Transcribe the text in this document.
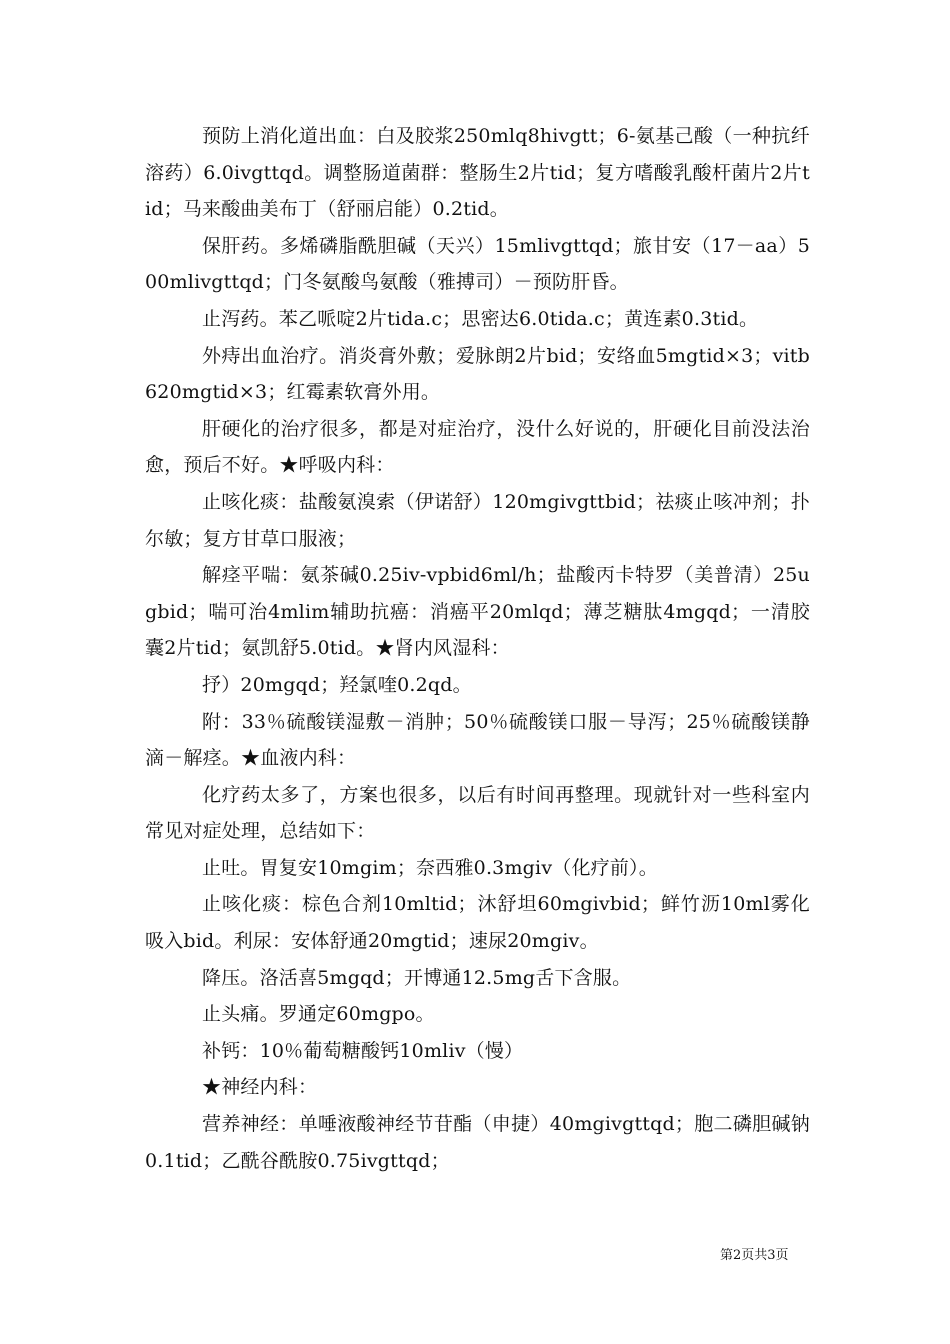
预防上消化道出血：白及胶浆250mlq8hivgtt；6-氨基己酸（一种抗纤溶药）6.0ivgttqd。调整肠道菌群：整肠生2片tid；复方嗜酸乳酸杆菌片2片tid；马来酸曲美布丁（舒丽启能）0.2tid。

保肝药。多烯磷脂酰胆碱（天兴）15mlivgttqd；旅甘安（17－aa）500mlivgttqd；门冬氨酸鸟氨酸（雅搏司）－预防肝昏。

止泻药。苯乙哌啶2片tida.c；思密达6.0tida.c；黄连素0.3tid。

外痔出血治疗。消炎膏外敷；爱脉朗2片bid；安络血5mgtid×3；vitb620mgtid×3；红霉素软膏外用。

肝硬化的治疗很多，都是对症治疗，没什么好说的，肝硬化目前没法治愈，预后不好。★呼吸内科：

止咳化痰：盐酸氨溴索（伊诺舒）120mgivgttbid；祛痰止咳冲剂；扑尔敏；复方甘草口服液；

解痉平喘：氨茶碱0.25iv-vpbid6ml/h；盐酸丙卡特罗（美普清）25ugbid；喘可治4mlim辅助抗癌：消癌平20mlqd；薄芝糖肽4mgqd；一清胶囊2片tid；氨凯舒5.0tid。★肾内风湿科：

抒）20mgqd；羟氯喹0.2qd。

附：33％硫酸镁湿敷－消肿；50％硫酸镁口服－导泻；25％硫酸镁静滴－解痉。★血液内科：

化疗药太多了，方案也很多，以后有时间再整理。现就针对一些科室内常见对症处理，总结如下：

止吐。胃复安10mgim；奈西雅0.3mgiv（化疗前）。

止咳化痰：棕色合剂10mltid；沐舒坦60mgivbid；鲜竹沥10ml雾化吸入bid。利尿：安体舒通20mgtid；速尿20mgiv。

降压。洛活喜5mgqd；开博通12.5mg舌下含服。

止头痛。罗通定60mgpo。

补钙：10％葡萄糖酸钙10mliv（慢）

★神经内科：

营养神经：单唾液酸神经节苷酯（申捷）40mgivgttqd；胞二磷胆碱钠0.1tid；乙酰谷酰胺0.75ivgttqd；

第2页共3页
